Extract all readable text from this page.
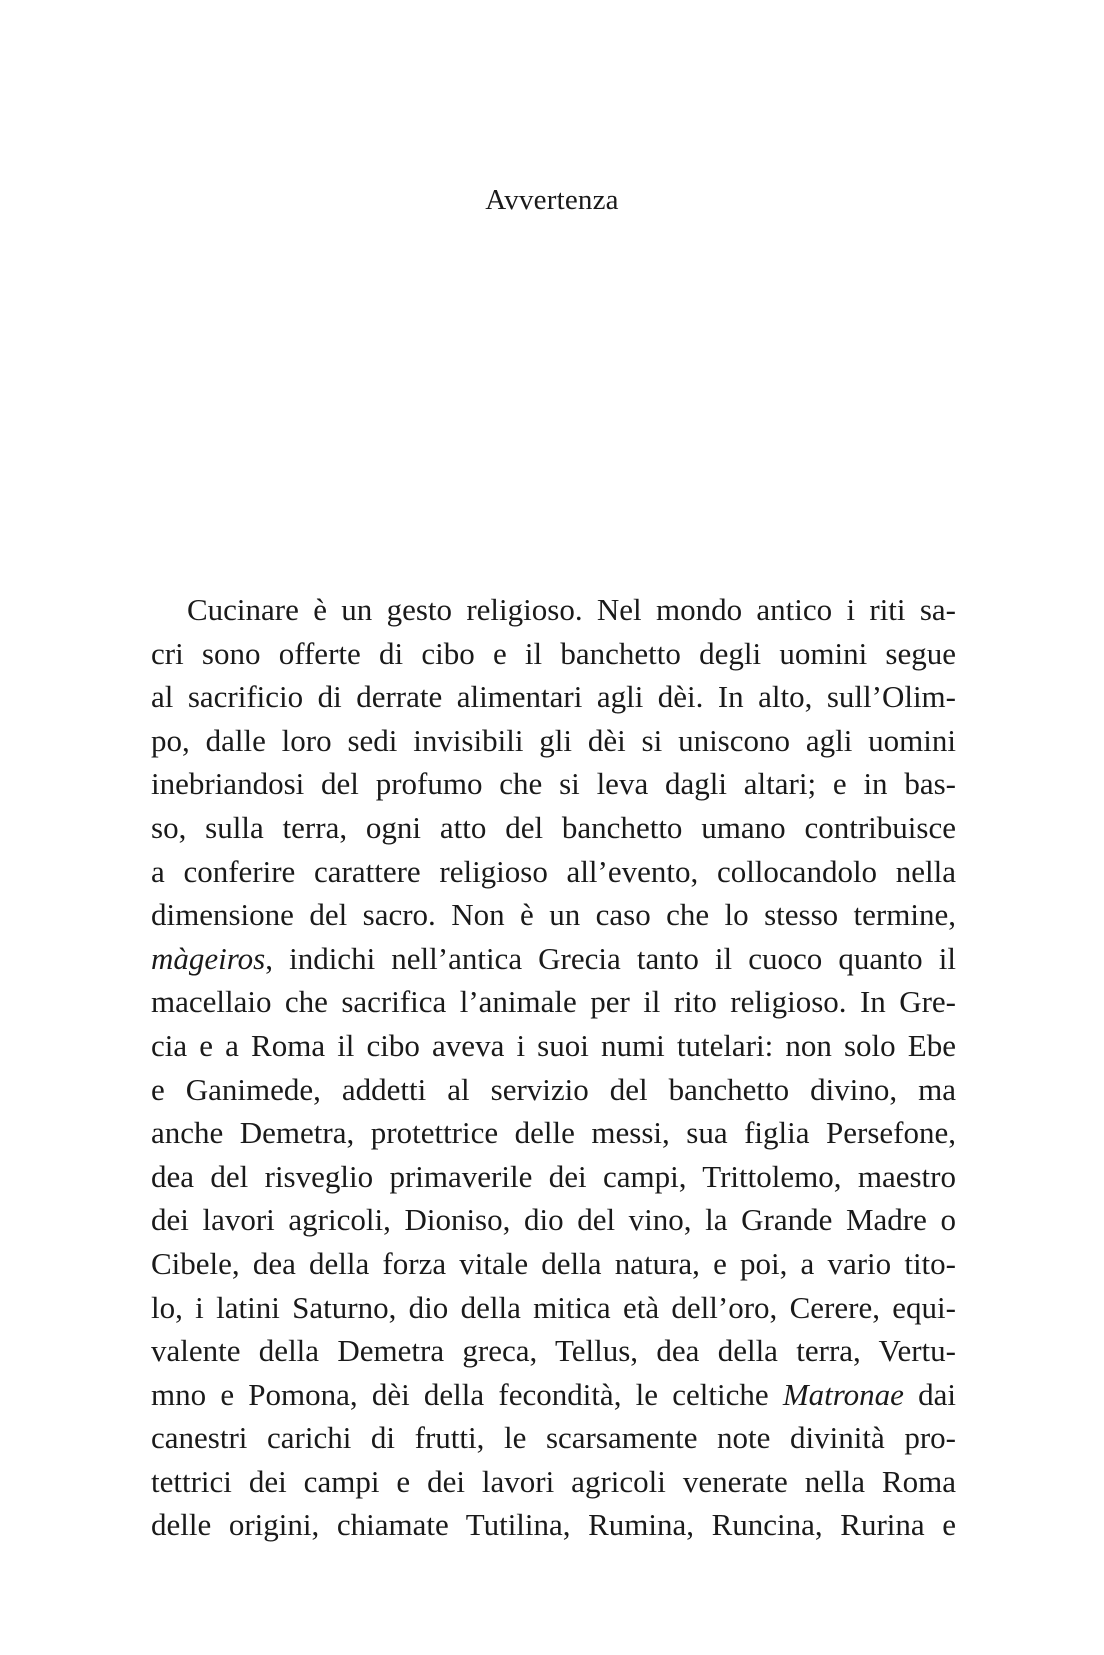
Avvertenza
Cucinare è un gesto religioso. Nel mondo antico i riti sa-
cri sono offerte di cibo e il banchetto degli uomini segue
al sacrificio di derrate alimentari agli dèi. In alto, sull’Olim-
po, dalle loro sedi invisibili gli dèi si uniscono agli uomini
inebriandosi del profumo che si leva dagli altari; e in bas-
so, sulla terra, ogni atto del banchetto umano contribuisce
a conferire carattere religioso all’evento, collocandolo nella
dimensione del sacro. Non è un caso che lo stesso termine,
màgeiros, indichi nell’antica Grecia tanto il cuoco quanto il
macellaio che sacrifica l’animale per il rito religioso. In Gre-
cia e a Roma il cibo aveva i suoi numi tutelari: non solo Ebe
e Ganimede, addetti al servizio del banchetto divino, ma
anche Demetra, protettrice delle messi, sua figlia Persefone,
dea del risveglio primaverile dei campi, Trittolemo, maestro
dei lavori agricoli, Dioniso, dio del vino, la Grande Madre o
Cibele, dea della forza vitale della natura, e poi, a vario tito-
lo, i latini Saturno, dio della mitica età dell’oro, Cerere, equi-
valente della Demetra greca, Tellus, dea della terra, Vertu-
mno e Pomona, dèi della fecondità, le celtiche Matronae dai
canestri carichi di frutti, le scarsamente note divinità pro-
tettrici dei campi e dei lavori agricoli venerate nella Roma
delle origini, chiamate Tutilina, Rumina, Runcina, Rurina e
